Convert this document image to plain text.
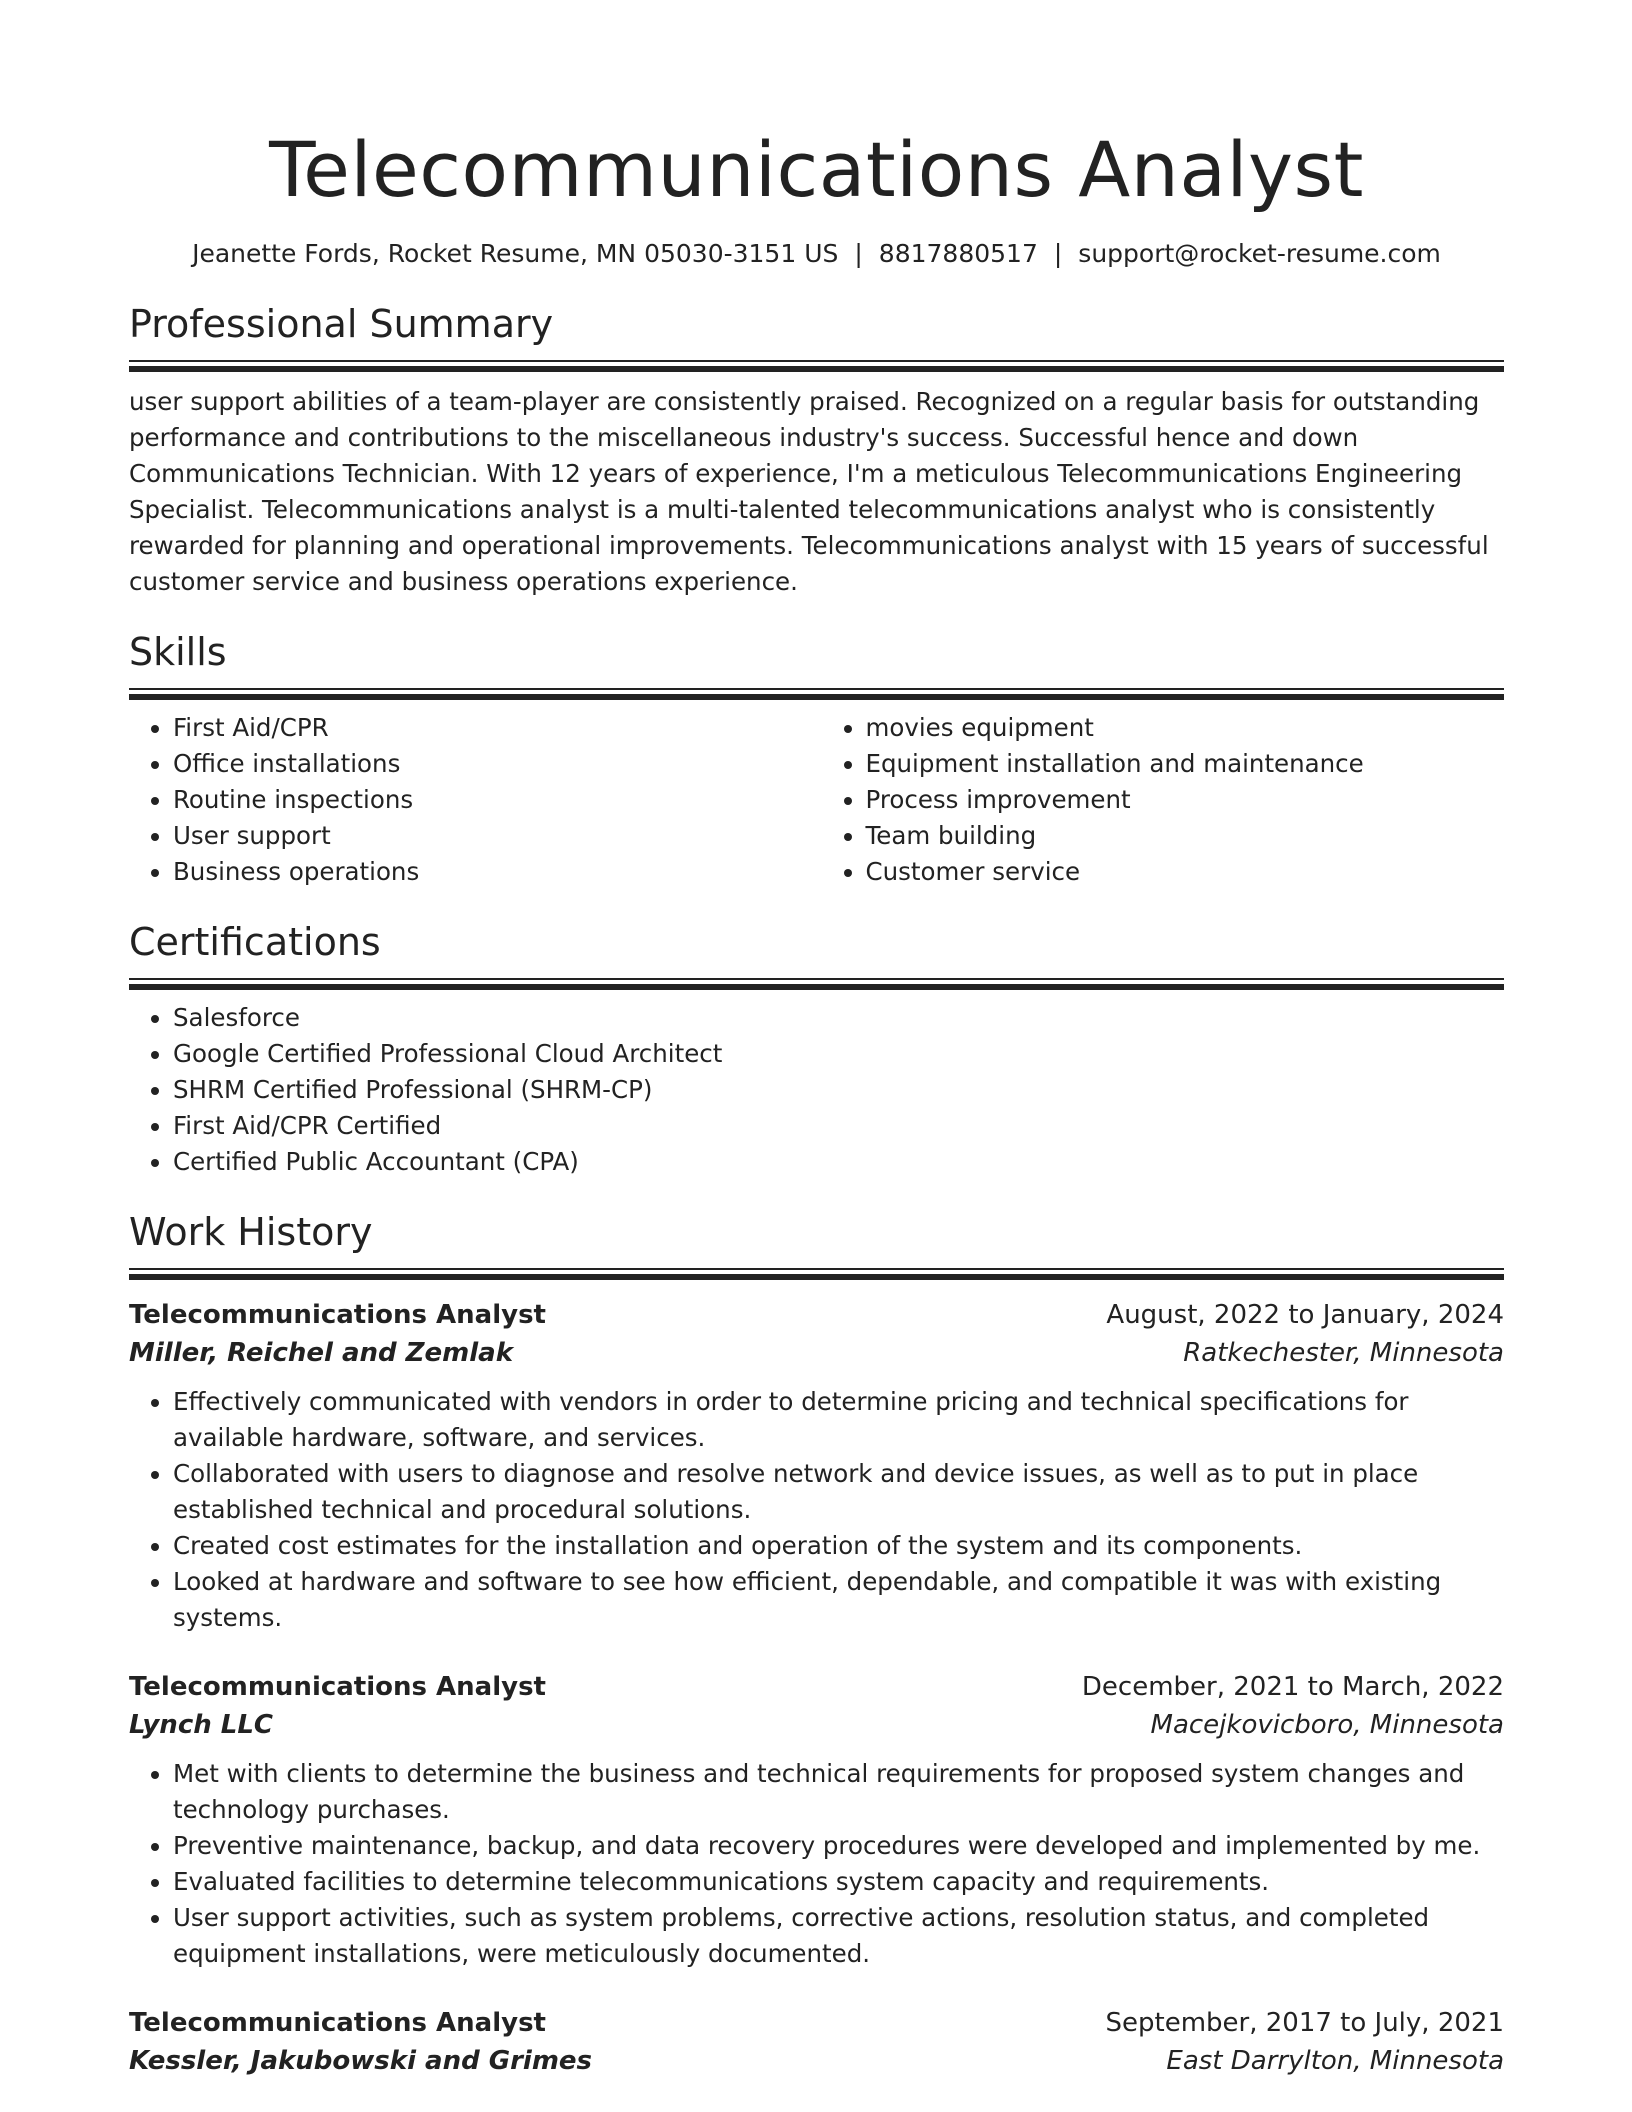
Telecommunications Analyst
Jeanette Fords, Rocket Resume, MN 05030-3151 US | 8817880517 | support@rocket-resume.com
Professional Summary
user support abilities of a team-player are consistently praised. Recognized on a regular basis for outstanding performance and contributions to the miscellaneous industry's success. Successful hence and down Communications Technician. With 12 years of experience, I'm a meticulous Telecommunications Engineering Specialist. Telecommunications analyst is a multi-talented telecommunications analyst who is consistently rewarded for planning and operational improvements. Telecommunications analyst with 15 years of successful customer service and business operations experience.
Skills
• First Aid/CPR
• Office installations
• Routine inspections
• User support
• Business operations
• movies equipment
• Equipment installation and maintenance
• Process improvement
• Team building
• Customer service
Certifications
• Salesforce
• Google Certified Professional Cloud Architect
• SHRM Certified Professional (SHRM-CP)
• First Aid/CPR Certified
• Certified Public Accountant (CPA)
Work History
Telecommunications Analyst	August, 2022 to January, 2024
Miller, Reichel and Zemlak	Ratkechester, Minnesota
• Effectively communicated with vendors in order to determine pricing and technical specifications for available hardware, software, and services.
• Collaborated with users to diagnose and resolve network and device issues, as well as to put in place established technical and procedural solutions.
• Created cost estimates for the installation and operation of the system and its components.
• Looked at hardware and software to see how efficient, dependable, and compatible it was with existing systems.
Telecommunications Analyst	December, 2021 to March, 2022
Lynch LLC	Macejkovicboro, Minnesota
• Met with clients to determine the business and technical requirements for proposed system changes and technology purchases.
• Preventive maintenance, backup, and data recovery procedures were developed and implemented by me.
• Evaluated facilities to determine telecommunications system capacity and requirements.
• User support activities, such as system problems, corrective actions, resolution status, and completed equipment installations, were meticulously documented.
Telecommunications Analyst	September, 2017 to July, 2021
Kessler, Jakubowski and Grimes	East Darrylton, Minnesota
